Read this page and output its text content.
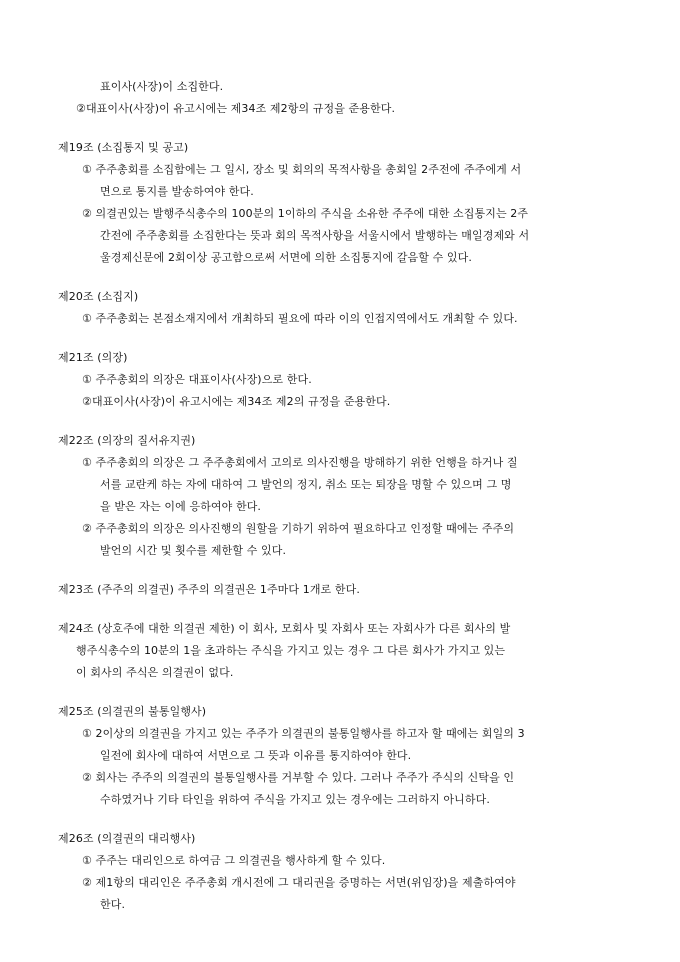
표이사(사장)이 소집한다.
②대표이사(사장)이 유고시에는 제34조 제2항의 규정을 준용한다.
제19조 (소집통지 및 공고)
① 주주총회를 소집함에는 그 일시, 장소 및 회의의 목적사항을 총회일 2주전에 주주에게 서
면으로 통지를 발송하여야 한다.
② 의결권있는 발행주식총수의 100분의 1이하의 주식을 소유한 주주에 대한 소집통지는 2주
간전에 주주총회를 소집한다는 뜻과 회의 목적사항을 서울시에서 발행하는 매일경제와 서
울경제신문에 2회이상 공고함으로써 서면에 의한 소집통지에 갈음할 수 있다.
제20조 (소집지)
① 주주총회는 본점소재지에서 개최하되 필요에 따라 이의 인접지역에서도 개최할 수 있다.
제21조 (의장)
① 주주총회의 의장은 대표이사(사장)으로 한다.
②대표이사(사장)이 유고시에는 제34조 제2의 규정을 준용한다.
제22조 (의장의 질서유지권)
① 주주총회의 의장은 그 주주총회에서 고의로 의사진행을 방해하기 위한 언행을 하거나 질
서를 교란케 하는 자에 대하여 그 발언의 정지, 취소 또는 퇴장을 명할 수 있으며 그 명
을 받은 자는 이에 응하여야 한다.
② 주주총회의 의장은 의사진행의 원할을 기하기 위하여 필요하다고 인정할 때에는 주주의
발언의 시간 및 횟수를 제한할 수 있다.
제23조 (주주의 의결권) 주주의 의결권은 1주마다 1개로 한다.
제24조 (상호주에 대한 의결권 제한) 이 회사, 모회사 및 자회사 또는 자회사가 다른 회사의 발
행주식총수의 10분의 1을 초과하는 주식을 가지고 있는 경우 그 다른 회사가 가지고 있는
이 회사의 주식은 의결권이 없다.
제25조 (의결권의 불통일행사)
① 2이상의 의결권을 가지고 있는 주주가 의결권의 불통일행사를 하고자 할 때에는 회일의 3
일전에 회사에 대하여 서면으로 그 뜻과 이유를 통지하여야 한다.
② 회사는 주주의 의결권의 불통일행사를 거부할 수 있다. 그러나 주주가 주식의 신탁을 인
수하였거나 기타 타인을 위하여 주식을 가지고 있는 경우에는 그러하지 아니하다.
제26조 (의결권의 대리행사)
① 주주는 대리인으로 하여금 그 의결권을 행사하게 할 수 있다.
② 제1항의 대리인은 주주총회 개시전에 그 대리권을 증명하는 서면(위임장)을 제출하여야
한다.
